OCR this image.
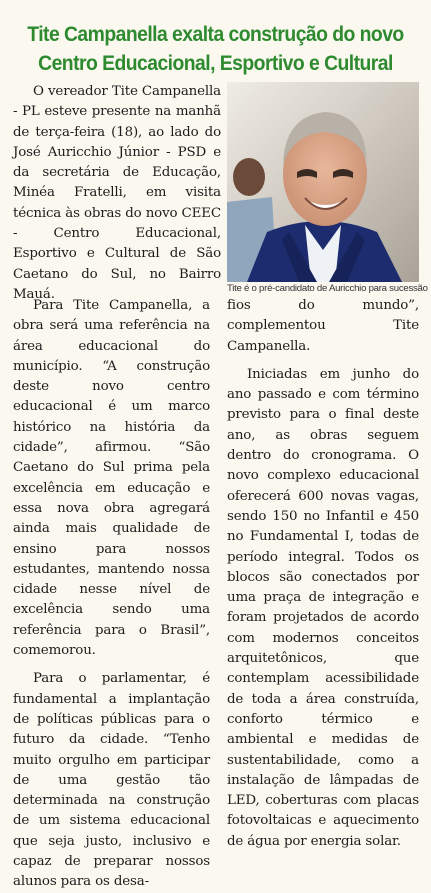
Tite Campanella exalta construção do novo
Centro Educacional, Esportivo e Cultural

O vereador Tite Campanella - PL esteve presente na manhã de terça-feira (18), ao lado do José Auricchio Júnior - PSD e da secretária de Educação, Minéa Fratelli, em visita técnica às obras do novo CEEC - Centro Educacional, Esportivo e Cultural de São Caetano do Sul, no Bairro Mauá.	Tite é o pré-candidato de Auricchio para sucessão

Para Tite Campanella, a obra será uma referência na área educacional do município. “A construção deste novo centro educacional é um marco histórico na história da cidade”, afirmou. “São Caetano do Sul prima pela excelência em educação e essa nova obra agregará ainda mais qualidade de ensino para nossos estudantes, mantendo nossa cidade nesse nível de excelência sendo uma referência para o Brasil”, comemorou.

Para o parlamentar, é fundamental a implantação de políticas públicas para o futuro da cidade. “Tenho muito orgulho em participar de uma gestão tão determinada na construção de um sistema educacional que seja justo, inclusivo e capaz de preparar nossos alunos para os desa-

fios do mundo”, complementou Tite Campanella.

Iniciadas em junho do ano passado e com término previsto para o final deste ano, as obras seguem dentro do cronograma. O novo complexo educacional oferecerá 600 novas vagas, sendo 150 no Infantil e 450 no Fundamental I, todas de período integral. Todos os blocos são conectados por uma praça de integração e foram projetados de acordo com modernos conceitos arquitetônicos, que contemplam acessibilidade de toda a área construída, conforto térmico e ambiental e medidas de sustentabilidade, como a instalação de lâmpadas de LED, coberturas com placas fotovoltaicas e aquecimento de água por energia solar.
